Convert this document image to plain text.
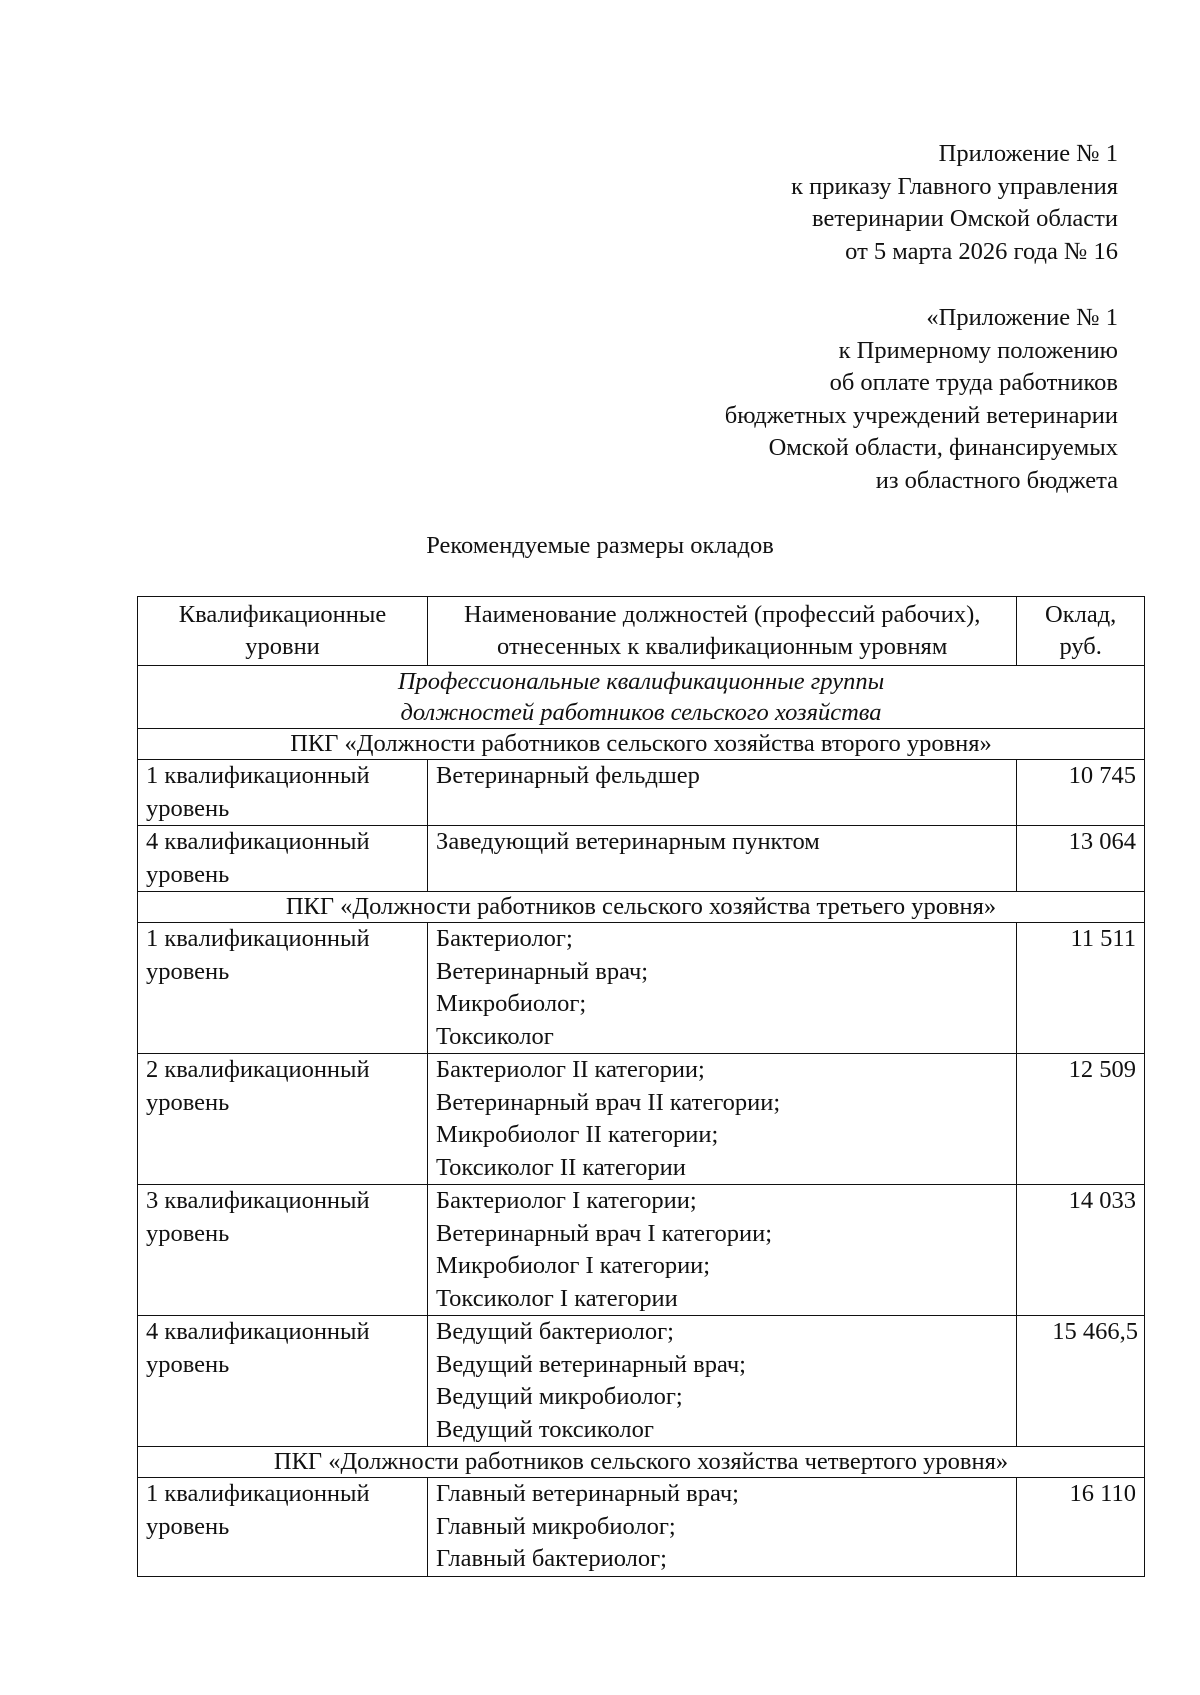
Приложение № 1
к приказу Главного управления
ветеринарии Омской области
от 5 марта 2026 года № 16
«Приложение № 1
к Примерному положению
об оплате труда работников
бюджетных учреждений ветеринарии
Омской области, финансируемых
из областного бюджета
Рекомендуемые размеры окладов
Квалификационные уровни	Наименование должностей (профессий рабочих), отнесенных к квалификационным уровням	Оклад, руб.

Профессиональные квалификационные группы
должностей работников сельского хозяйства		

ПКГ «Должности работников сельского хозяйства второго уровня»		
1 квалификационный уровень	Ветеринарный фельдшер	10 745
4 квалификационный уровень	Заведующий ветеринарным пунктом	13 064
ПКГ «Должности работников сельского хозяйства третьего уровня»		
1 квалификационный уровень	Бактериолог;
Ветеринарный врач;
Микробиолог;
Токсиколог	11 511
2 квалификационный уровень	Бактериолог II категории;
Ветеринарный врач II категории;
Микробиолог II категории;
Токсиколог II категории	12 509
3 квалификационный уровень	Бактериолог I категории;
Ветеринарный врач I категории;
Микробиолог I категории;
Токсиколог I категории	14 033
4 квалификационный уровень	Ведущий бактериолог;
Ведущий ветеринарный врач;
Ведущий микробиолог;
Ведущий токсиколог	15 466,5
ПКГ «Должности работников сельского хозяйства четвертого уровня»		
1 квалификационный уровень	Главный ветеринарный врач;
Главный микробиолог;
Главный бактериолог;	16 110
